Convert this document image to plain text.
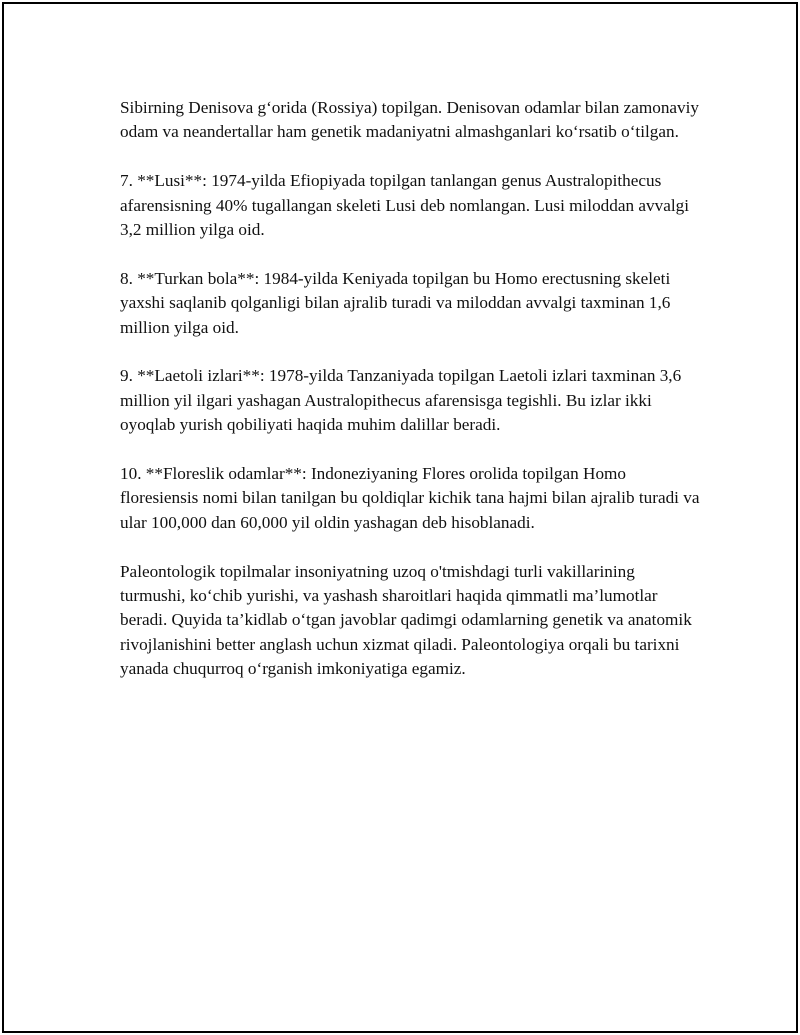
Sibirning Denisova g‘orida (Rossiya) topilgan. Denisovan odamlar bilan zamonaviy odam va neandertallar ham genetik madaniyatni almashganlari ko‘rsatib o‘tilgan.

7. **Lusi**: 1974-yilda Efiopiyada topilgan tanlangan genus Australopithecus afarensisning 40% tugallangan skeleti Lusi deb nomlangan. Lusi miloddan avvalgi 3,2 million yilga oid.

8. **Turkan bola**: 1984-yilda Keniyada topilgan bu Homo erectusning skeleti yaxshi saqlanib qolganligi bilan ajralib turadi va miloddan avvalgi taxminan 1,6 million yilga oid.

9. **Laetoli izlari**: 1978-yilda Tanzaniyada topilgan Laetoli izlari taxminan 3,6 million yil ilgari yashagan Australopithecus afarensisga tegishli. Bu izlar ikki oyoqlab yurish qobiliyati haqida muhim dalillar beradi.

10. **Floreslik odamlar**: Indoneziyaning Flores orolida topilgan Homo floresiensis nomi bilan tanilgan bu qoldiqlar kichik tana hajmi bilan ajralib turadi va ular 100,000 dan 60,000 yil oldin yashagan deb hisoblanadi.

Paleontologik topilmalar insoniyatning uzoq o'tmishdagi turli vakillarining turmushi, ko‘chib yurishi, va yashash sharoitlari haqida qimmatli ma’lumotlar beradi. Quyida ta’kidlab o‘tgan javoblar qadimgi odamlarning genetik va anatomik rivojlanishini better anglash uchun xizmat qiladi. Paleontologiya orqali bu tarixni yanada chuqurroq o‘rganish imkoniyatiga egamiz.
